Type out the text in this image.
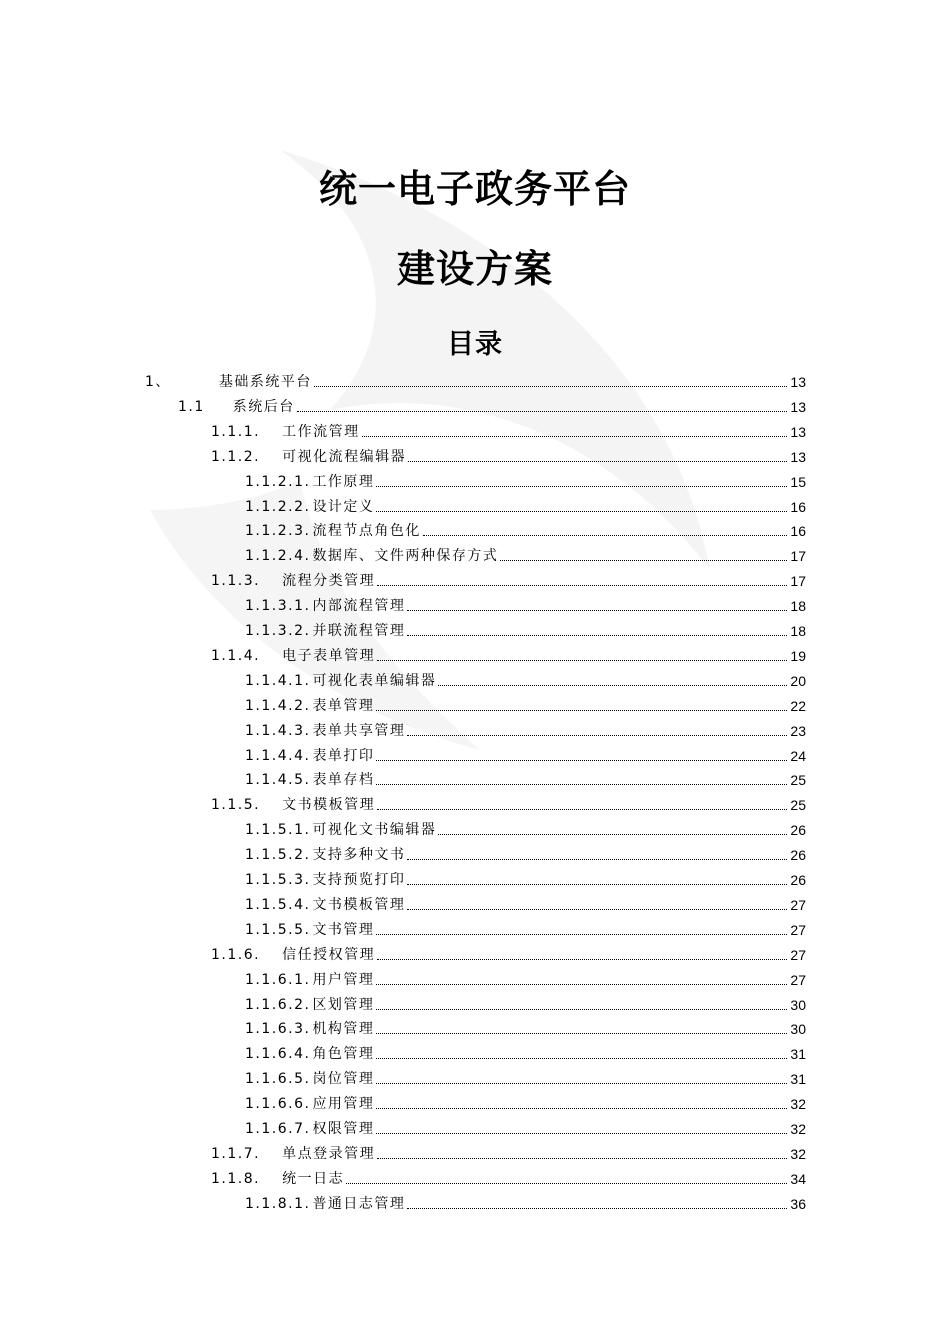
统一电子政务平台
建设方案
目录
1、	基础系统平台	13
1.1 系统后台	13
1.1.1. 工作流管理	13
1.1.2. 可视化流程编辑器	13
1.1.2.1. 工作原理	15
1.1.2.2. 设计定义	16
1.1.2.3. 流程节点角色化	16
1.1.2.4. 数据库、文件两种保存方式	17
1.1.3. 流程分类管理	17
1.1.3.1. 内部流程管理	18
1.1.3.2. 并联流程管理	18
1.1.4. 电子表单管理	19
1.1.4.1. 可视化表单编辑器	20
1.1.4.2. 表单管理	22
1.1.4.3. 表单共享管理	23
1.1.4.4. 表单打印	24
1.1.4.5. 表单存档	25
1.1.5. 文书模板管理	25
1.1.5.1. 可视化文书编辑器	26
1.1.5.2. 支持多种文书	26
1.1.5.3. 支持预览打印	26
1.1.5.4. 文书模板管理	27
1.1.5.5. 文书管理	27
1.1.6. 信任授权管理	27
1.1.6.1. 用户管理	27
1.1.6.2. 区划管理	30
1.1.6.3. 机构管理	30
1.1.6.4. 角色管理	31
1.1.6.5. 岗位管理	31
1.1.6.6. 应用管理	32
1.1.6.7. 权限管理	32
1.1.7. 单点登录管理	32
1.1.8. 统一日志	34
1.1.8.1. 普通日志管理	36
